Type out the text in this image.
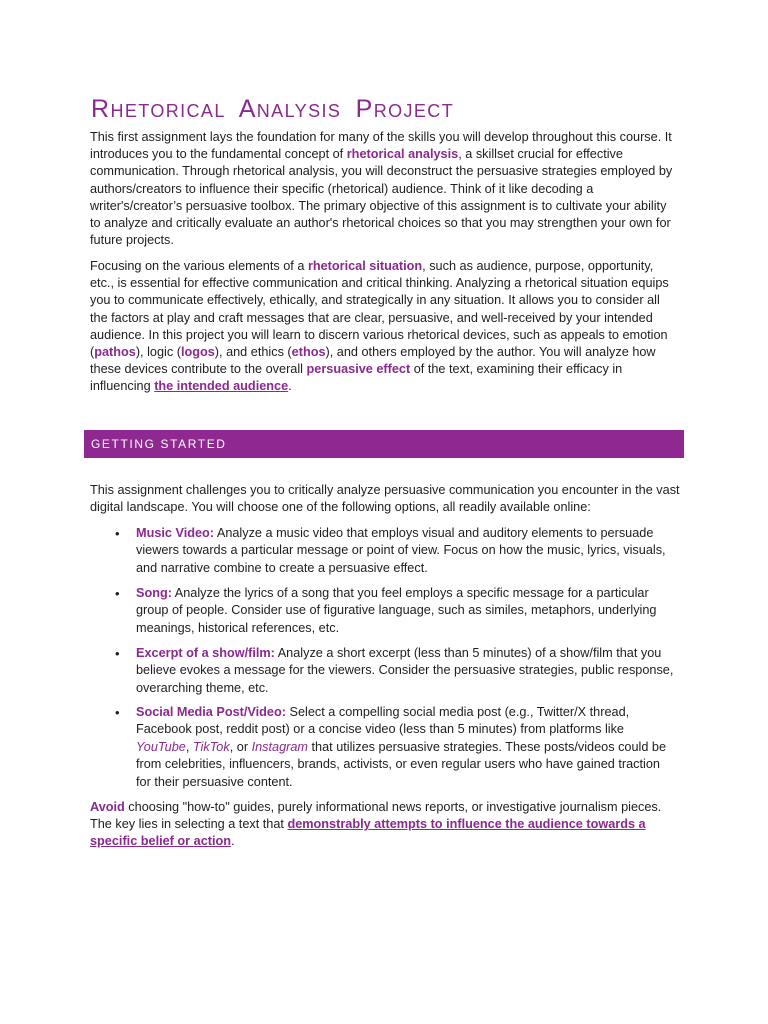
Rhetorical Analysis Project

This first assignment lays the foundation for many of the skills you will develop throughout this course. It introduces you to the fundamental concept of rhetorical analysis, a skillset crucial for effective communication. Through rhetorical analysis, you will deconstruct the persuasive strategies employed by authors/creators to influence their specific (rhetorical) audience. Think of it like decoding a writer's/creator’s persuasive toolbox. The primary objective of this assignment is to cultivate your ability to analyze and critically evaluate an author's rhetorical choices so that you may strengthen your own for future projects.

Focusing on the various elements of a rhetorical situation, such as audience, purpose, opportunity, etc., is essential for effective communication and critical thinking. Analyzing a rhetorical situation equips you to communicate effectively, ethically, and strategically in any situation. It allows you to consider all the factors at play and craft messages that are clear, persuasive, and well-received by your intended audience. In this project you will learn to discern various rhetorical devices, such as appeals to emotion (pathos), logic (logos), and ethics (ethos), and others employed by the author. You will analyze how these devices contribute to the overall persuasive effect of the text, examining their efficacy in influencing the intended audience.

GETTING STARTED

This assignment challenges you to critically analyze persuasive communication you encounter in the vast digital landscape. You will choose one of the following options, all readily available online:

• Music Video: Analyze a music video that employs visual and auditory elements to persuade viewers towards a particular message or point of view. Focus on how the music, lyrics, visuals, and narrative combine to create a persuasive effect.
• Song: Analyze the lyrics of a song that you feel employs a specific message for a particular group of people. Consider use of figurative language, such as similes, metaphors, underlying meanings, historical references, etc.
• Excerpt of a show/film: Analyze a short excerpt (less than 5 minutes) of a show/film that you believe evokes a message for the viewers. Consider the persuasive strategies, public response, overarching theme, etc.
• Social Media Post/Video: Select a compelling social media post (e.g., Twitter/X thread, Facebook post, reddit post) or a concise video (less than 5 minutes) from platforms like YouTube, TikTok, or Instagram that utilizes persuasive strategies. These posts/videos could be from celebrities, influencers, brands, activists, or even regular users who have gained traction for their persuasive content.

Avoid choosing "how-to" guides, purely informational news reports, or investigative journalism pieces. The key lies in selecting a text that demonstrably attempts to influence the audience towards a specific belief or action.
